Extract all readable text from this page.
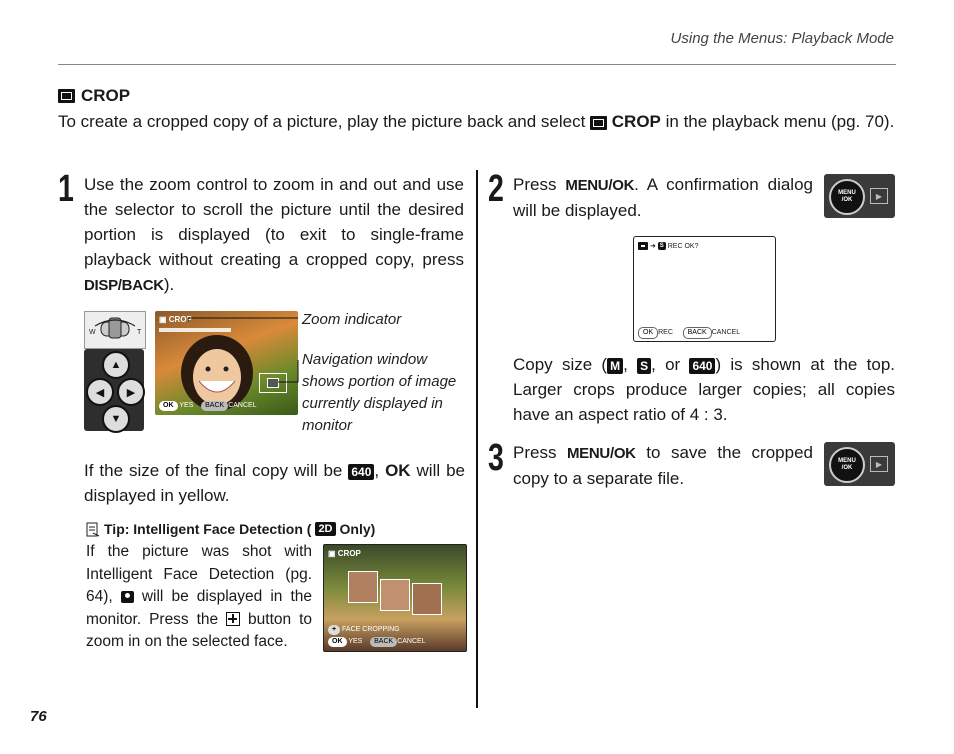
Using the Menus: Playback Mode
CROP
To create a cropped copy of a picture, play the picture back and select  CROP in the playback menu (pg. 70).
1 Use the zoom control to zoom in and out and use the selector to scroll the picture until the desired portion is displayed (to exit to single-frame playback without creating a cropped copy, press DISP/BACK).
W	T
▲
◀	▶
▼
▣ CROP
OK YES BACK CANCEL
Zoom indicator
Navigation window shows portion of image currently displayed in monitor
If the size of the final copy will be 640 , OK will be displayed in yellow.
Tip: Intelligent Face Detection ( 2D Only)
If the picture was shot with Intelligent Face Detection (pg. 64),
will be displayed in the monitor. Press the
button to zoom in on the selected face.
▣ CROP
+ FACE CROPPING
OK YES BACK CANCEL
2 Press MENU/OK. A confirmation dialog will be displayed.
MENU
/OK	▶
➜ S REC OK?
OK REC BACK CANCEL
Copy size ( M , S , or 640 ) is shown at the top. Larger crops produce larger copies; all copies have an aspect ratio of 4 : 3.
3 Press MENU/OK to save the cropped copy to a separate file.
MENU
/OK	▶
76
